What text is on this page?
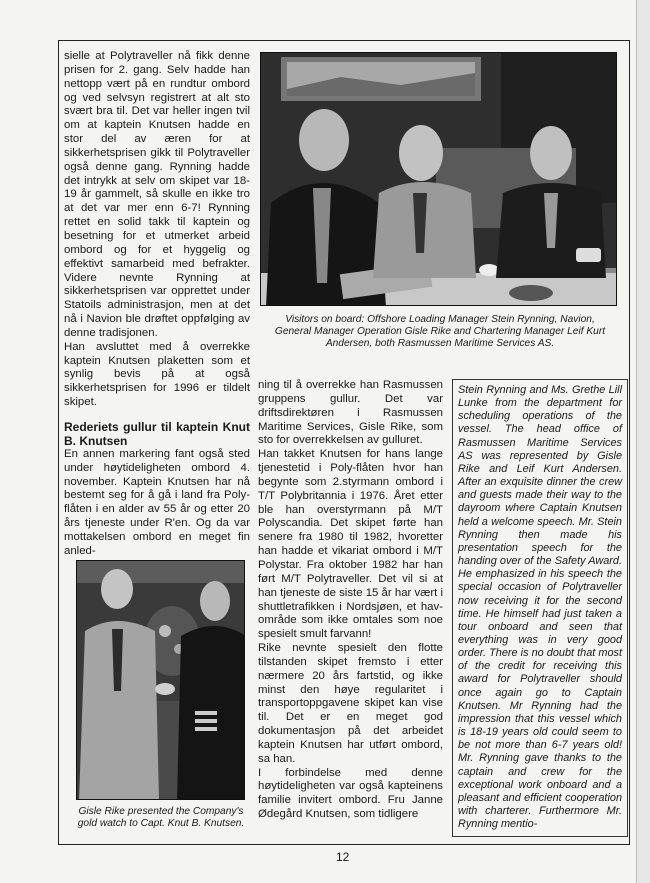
sielle at Polytraveller nå fikk denne prisen for 2. gang. Selv hadde han nettopp vært på en rundtur ombord og ved selvsyn registrert at alt sto svært bra til. Det var heller ingen tvil om at kaptein Knutsen hadde en stor del av æren for at sikkerhetsprisen gikk til Polytraveller også denne gang. Rynning hadde det intrykk at selv om skipet var 18-19 år gammelt, så skulle en ikke tro at det var mer enn 6-7! Rynning rettet en solid takk til kaptein og besetning for et utmerket arbeid ombord og for et hyggelig og effektivt samarbeid med befrakter. Videre nevnte Rynning at sikkerhetsprisen var opprettet under Statoils administrasjon, men at det nå i Navion ble drøftet oppfølging av denne tradisjonen.

Han avsluttet med å overrekke kaptein Knutsen plaketten som et synlig bevis på at også sikkerhetsprisen for 1996 er tildelt skipet.

Rederiets gullur til kaptein Knut B. Knutsen

En annen markering fant også sted under høytideligheten ombord 4. november. Kaptein Knutsen har nå bestemt seg for å gå i land fra Poly-flåten i en alder av 55 år og etter 20 års tjeneste under R'en. Og da var mottakelsen ombord en meget fin anled-

Visitors on board: Offshore Loading Manager Stein Rynning, Navion, General Manager Operation Gisle Rike and Chartering Manager Leif Kurt Andersen, both Rasmussen Maritime Services AS.

ning til å overrekke han Rasmussen gruppens gullur. Det var driftsdirektøren i Rasmussen Maritime Services, Gisle Rike, som sto for overrekkelsen av gulluret.

Han takket Knutsen for hans lange tjenestetid i Poly-flåten hvor han begynte som 2.styrmann ombord i T/T Polybritannia i 1976. Året etter ble han overstyrmann på M/T Polyscandia. Det skipet førte han senere fra 1980 til 1982, hvoretter han hadde et vikariat ombord i M/T Polystar. Fra oktober 1982 har han ført M/T Polytraveller. Det vil si at han tjeneste de siste 15 år har vært i shuttletrafikken i Nordsjøen, et hav-område som ikke omtales som noe spesielt smult farvann!

Rike nevnte spesielt den flotte tilstanden skipet fremsto i etter nærmere 20 års fartstid, og ikke minst den høye regularitet i transportoppgavene skipet kan vise til. Det er en meget god dokumentasjon på det arbeidet kaptein Knutsen har utført ombord, sa han.

I forbindelse med denne høytideligheten var også kapteinens familie invitert ombord. Fru Janne Ødegård Knutsen, som tidligere

Stein Rynning and Ms. Grethe Lill Lunke from the department for scheduling operations of the vessel. The head office of Rasmussen Maritime Services AS was represented by Gisle Rike and Leif Kurt Andersen. After an exquisite dinner the crew and guests made their way to the dayroom where Captain Knutsen held a welcome speech. Mr. Stein Rynning then made his presentation speech for the handing over of the Safety Award. He emphasized in his speech the special occasion of Polytraveller now receiving it for the second time. He himself had just taken a tour onboard and seen that everything was in very good order. There is no doubt that most of the credit for receiving this award for Polytraveller should once again go to Captain Knutsen. Mr Rynning had the impression that this vessel which is 18-19 years old could seem to be not more than 6-7 years old! Mr. Rynning gave thanks to the captain and crew for the exceptional work onboard and a pleasant and efficient cooperation with charterer. Furthermore Mr. Rynning mentio-
Gisle Rike presented the Company's gold watch to Capt. Knut B. Knutsen.
12
